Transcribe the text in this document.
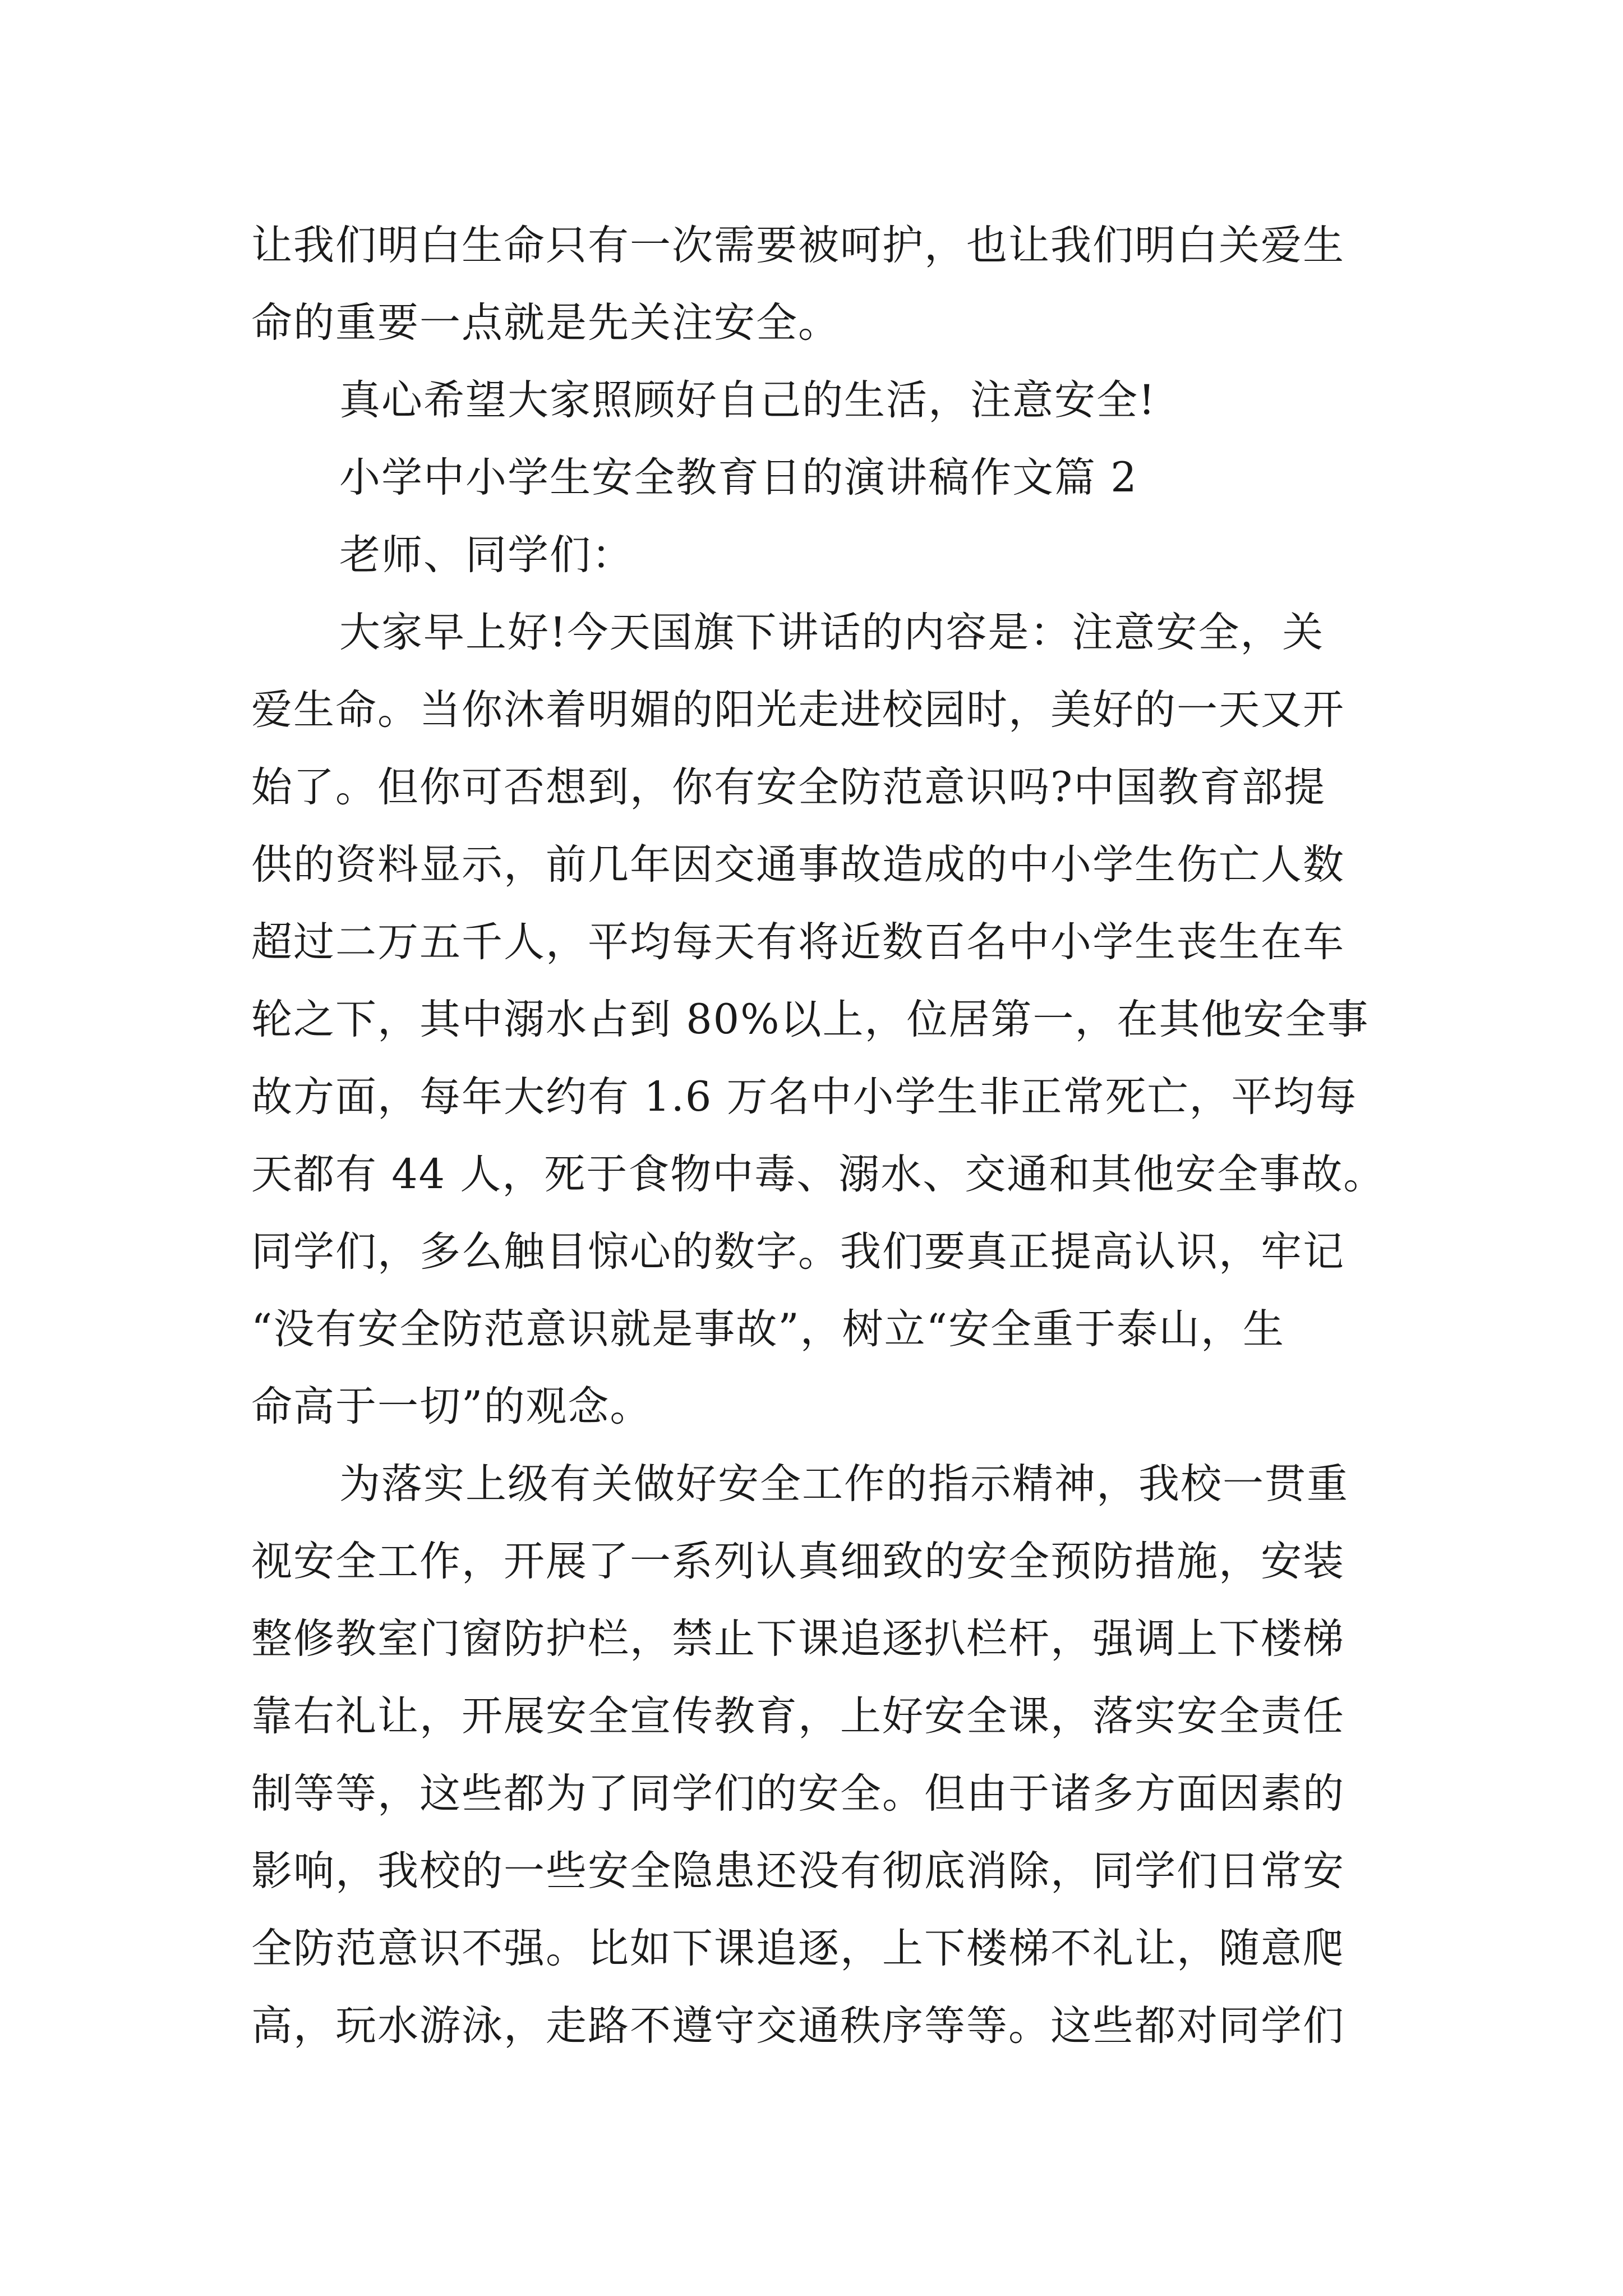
让我们明白生命只有一次需要被呵护，也让我们明白关爱生
命的重要一点就是先关注安全。
真心希望大家照顾好自己的生活，注意安全!
小学中小学生安全教育日的演讲稿作文篇 2
老师、同学们：
大家早上好!今天国旗下讲话的内容是：注意安全，关
爱生命。当你沐着明媚的阳光走进校园时，美好的一天又开
始了。但你可否想到，你有安全防范意识吗?中国教育部提
供的资料显示，前几年因交通事故造成的中小学生伤亡人数
超过二万五千人，平均每天有将近数百名中小学生丧生在车
轮之下，其中溺水占到 80%以上，位居第一，在其他安全事
故方面，每年大约有 1.6 万名中小学生非正常死亡，平均每
天都有 44 人，死于食物中毒、溺水、交通和其他安全事故。
同学们，多么触目惊心的数字。我们要真正提高认识，牢记
“没有安全防范意识就是事故”，树立“安全重于泰山，生
命高于一切”的观念。
为落实上级有关做好安全工作的指示精神，我校一贯重
视安全工作，开展了一系列认真细致的安全预防措施，安装
整修教室门窗防护栏，禁止下课追逐扒栏杆，强调上下楼梯
靠右礼让，开展安全宣传教育，上好安全课，落实安全责任
制等等，这些都为了同学们的安全。但由于诸多方面因素的
影响，我校的一些安全隐患还没有彻底消除，同学们日常安
全防范意识不强。比如下课追逐，上下楼梯不礼让，随意爬
高，玩水游泳，走路不遵守交通秩序等等。这些都对同学们
